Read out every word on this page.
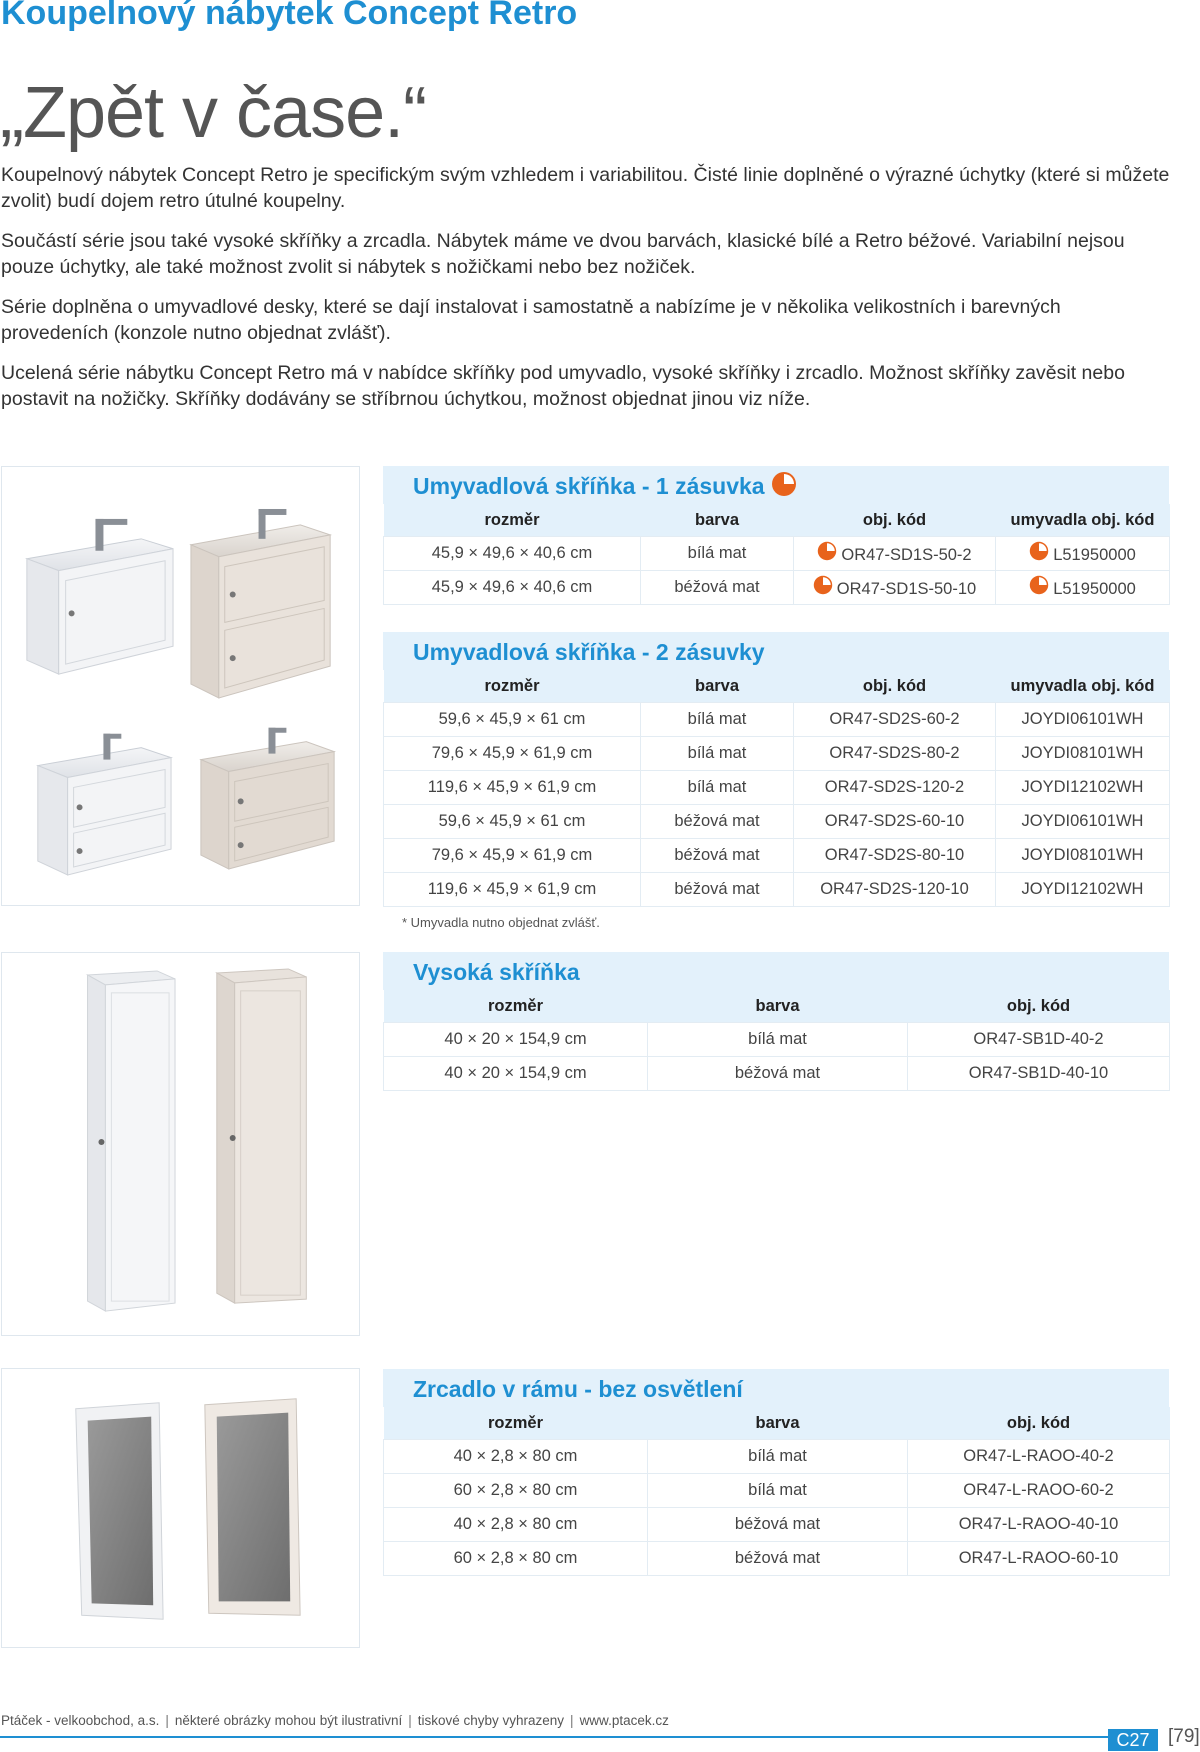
Koupelnový nábytek Concept Retro
„Zpět v čase.“

Koupelnový nábytek Concept Retro je specifickým svým vzhledem i variabilitou. Čisté linie doplněné o výrazné úchytky (které si můžete zvolit) budí dojem retro útulné koupelny.

Součástí série jsou také vysoké skříňky a zrcadla. Nábytek máme ve dvou barvách, klasické bílé a Retro béžové. Variabilní nejsou pouze úchytky, ale také možnost zvolit si nábytek s nožičkami nebo bez nožiček.

Série doplněna o umyvadlové desky, které se dají instalovat i samostatně a nabízíme je v několika velikostních i barevných provedeních (konzole nutno objednat zvlášť).

Ucelená série nábytku Concept Retro má v nabídce skříňky pod umyvadlo, vysoké skříňky i zrcadlo. Možnost skříňky zavěsit nebo postavit na nožičky. Skříňky dodávány se stříbrnou úchytkou, možnost objednat jinou viz níže.

Umyvadlová skříňka - 1 zásuvka
rozměr	barva	obj. kód	umyvadla obj. kód
45,9 × 49,6 × 40,6 cm	bílá mat	OR47-SD1S-50-2	L51950000
45,9 × 49,6 × 40,6 cm	béžová mat	OR47-SD1S-50-10	L51950000
Umyvadlová skříňka - 2 zásuvky
rozměr	barva	obj. kód	umyvadla obj. kód
59,6 × 45,9 × 61 cm	bílá mat	OR47-SD2S-60-2	JOYDI06101WH
79,6 × 45,9 × 61,9 cm	bílá mat	OR47-SD2S-80-2	JOYDI08101WH
119,6 × 45,9 × 61,9 cm	bílá mat	OR47-SD2S-120-2	JOYDI12102WH
59,6 × 45,9 × 61 cm	béžová mat	OR47-SD2S-60-10	JOYDI06101WH
79,6 × 45,9 × 61,9 cm	béžová mat	OR47-SD2S-80-10	JOYDI08101WH
119,6 × 45,9 × 61,9 cm	béžová mat	OR47-SD2S-120-10	JOYDI12102WH
* Umyvadla nutno objednat zvlášť.
Vysoká skříňka
rozměr	barva	obj. kód
40 × 20 × 154,9 cm	bílá mat	OR47-SB1D-40-2
40 × 20 × 154,9 cm	béžová mat	OR47-SB1D-40-10
Zrcadlo v rámu - bez osvětlení
rozměr	barva	obj. kód
40 × 2,8 × 80 cm	bílá mat	OR47-L-RAOO-40-2
60 × 2,8 × 80 cm	bílá mat	OR47-L-RAOO-60-2
40 × 2,8 × 80 cm	béžová mat	OR47-L-RAOO-40-10
60 × 2,8 × 80 cm	béžová mat	OR47-L-RAOO-60-10
Ptáček - velkoobchod, a.s. | některé obrázky mohou být ilustrativní | tiskové chyby vyhrazeny | www.ptacek.cz
C27 [79]
